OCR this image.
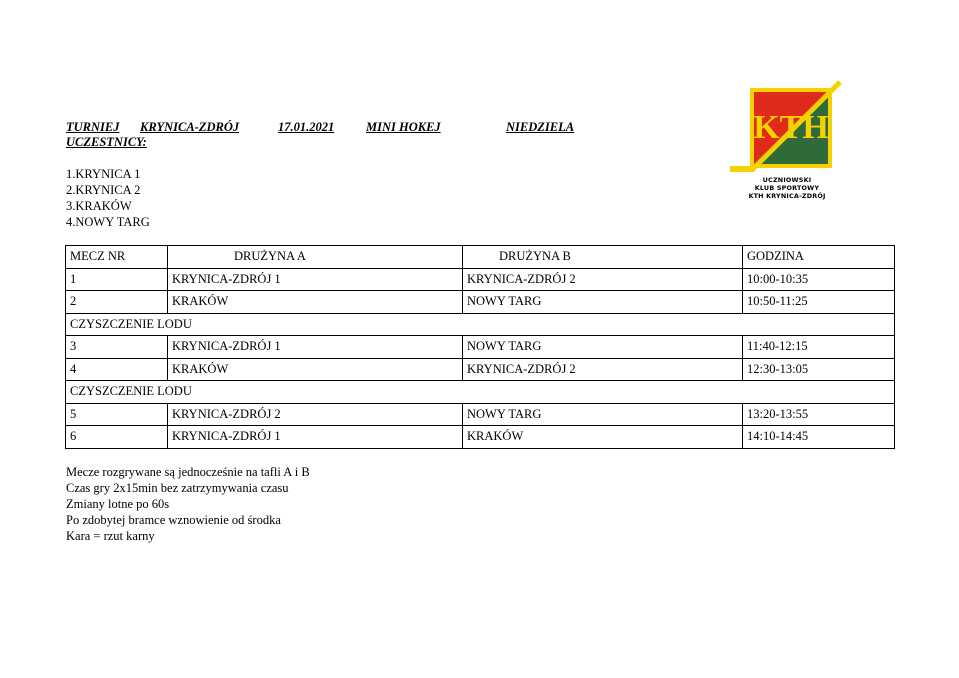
TURNIEJ KRYNICA-ZDRÓJ	17.01.2021	MINI HOKEJ	NIEDZIELA
UCZESTNICY:
1.KRYNICA 1
2.KRYNICA 2
3.KRAKÓW
4.NOWY TARG
MECZ NR	DRUŻYNA A	DRUŻYNA B	GODZINA
1	KRYNICA-ZDRÓJ 1	KRYNICA-ZDRÓJ 2	10:00-10:35
2	KRAKÓW	NOWY TARG	10:50-11:25
CZYSZCZENIE LODU			
3	KRYNICA-ZDRÓJ 1	NOWY TARG	11:40-12:15
4	KRAKÓW	KRYNICA-ZDRÓJ 2	12:30-13:05
CZYSZCZENIE LODU			
5	KRYNICA-ZDRÓJ 2	NOWY TARG	13:20-13:55
6	KRYNICA-ZDRÓJ 1	KRAKÓW	14:10-14:45
Mecze rozgrywane są jednocześnie na tafli A i B
Czas gry 2x15min bez zatrzymywania czasu
Zmiany lotne po 60s
Po zdobytej bramce wznowienie od środka
Kara = rzut karny
KTH
UCZNIOWSKI
KLUB SPORTOWY
KTH KRYNICA-ZDRÓJ
